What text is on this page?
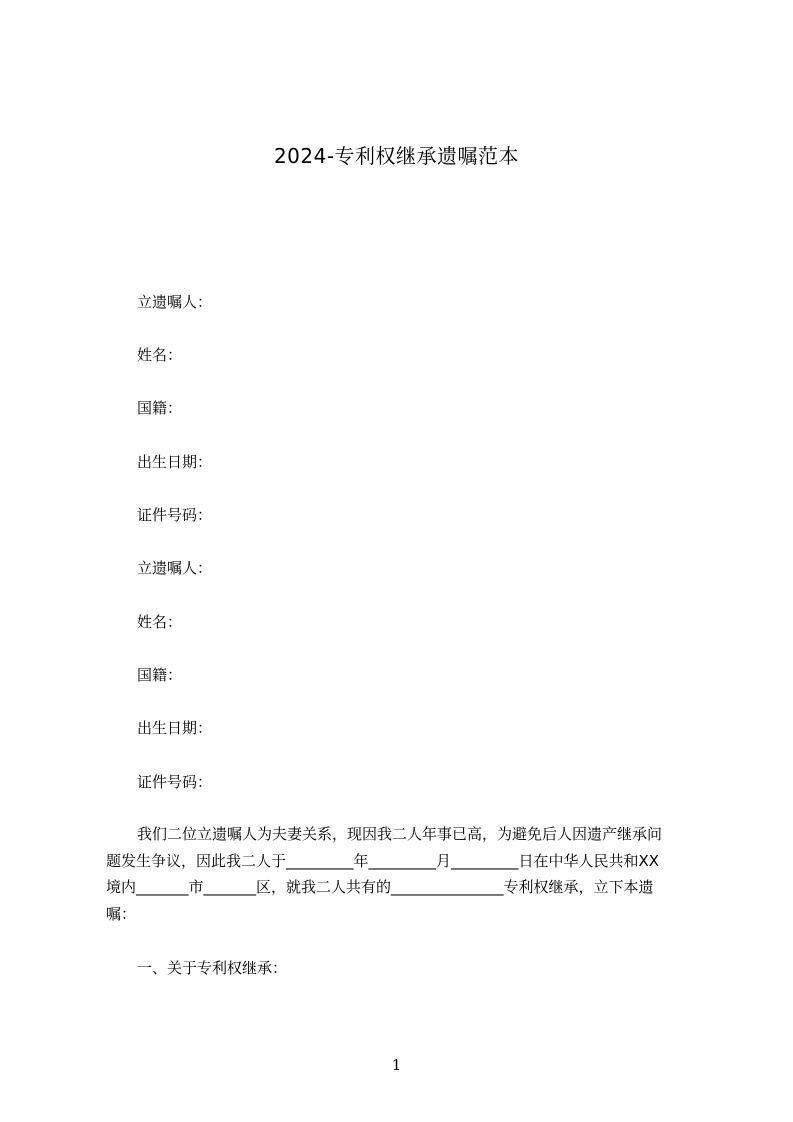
2024-专利权继承遗嘱范本
立遗嘱人：
姓名：
国籍：
出生日期：
证件号码：
立遗嘱人：
姓名：
国籍：
出生日期：
证件号码：
我们二位立遗嘱人为夫妻关系，现因我二人年事已高，为避免后人因遗产继承问
题发生争议，因此我二人于_________年_________月_________日在中华人民共和XX
境内_______市_______区，就我二人共有的_______________专利权继承，立下本遗
嘱：
一、关于专利权继承：
1
